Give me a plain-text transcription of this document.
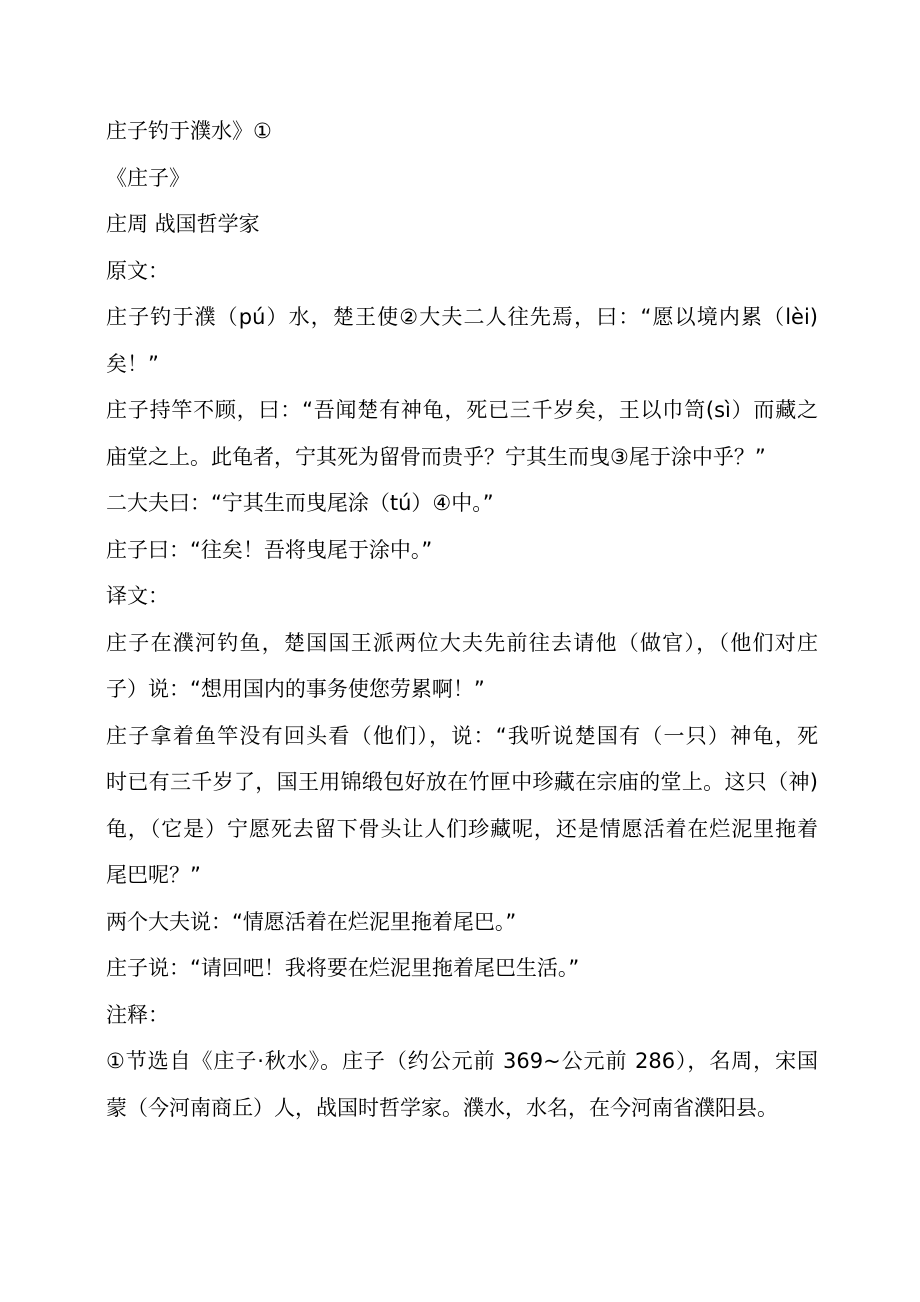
庄子钓于濮水》①
《庄子》
庄周 战国哲学家
原文：
庄子钓于濮（pú）水，楚王使②大夫二人往先焉，曰：“愿以境内累（lèi)
矣！”
庄子持竿不顾，曰：“吾闻楚有神龟，死已三千岁矣，王以巾笥(sì）而藏之
庙堂之上。此龟者，宁其死为留骨而贵乎？宁其生而曳③尾于涂中乎？”
二大夫曰：“宁其生而曳尾涂（tú）④中。”
庄子曰：“往矣！吾将曳尾于涂中。”
译文：
庄子在濮河钓鱼，楚国国王派两位大夫先前往去请他（做官），（他们对庄
子）说：“想用国内的事务使您劳累啊！”
庄子拿着鱼竿没有回头看（他们），说：“我听说楚国有（一只）神龟，死
时已有三千岁了，国王用锦缎包好放在竹匣中珍藏在宗庙的堂上。这只（神)
龟，（它是）宁愿死去留下骨头让人们珍藏呢，还是情愿活着在烂泥里拖着
尾巴呢？”
两个大夫说：“情愿活着在烂泥里拖着尾巴。”
庄子说：“请回吧！我将要在烂泥里拖着尾巴生活。”
注释：
①节选自《庄子·秋水》。庄子（约公元前 369~公元前 286），名周，宋国
蒙（今河南商丘）人，战国时哲学家。濮水，水名，在今河南省濮阳县。
